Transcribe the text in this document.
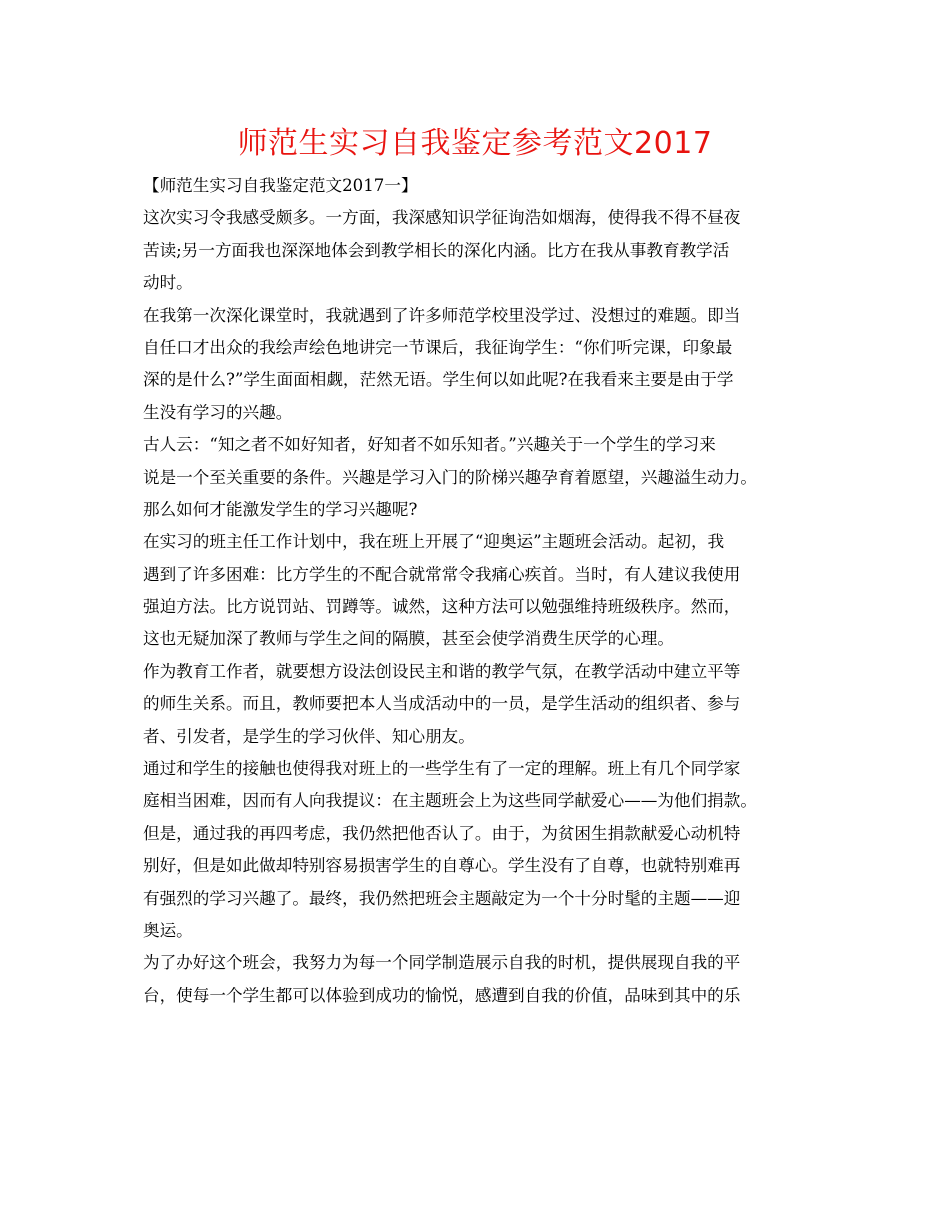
师范生实习自我鉴定参考范文2017
【师范生实习自我鉴定范文2017一】
这次实习令我感受颇多。一方面，我深感知识学征询浩如烟海，使得我不得不昼夜
苦读;另一方面我也深深地体会到教学相长的深化内涵。比方在我从事教育教学活
动时。
在我第一次深化课堂时，我就遇到了许多师范学校里没学过、没想过的难题。即当
自任口才出众的我绘声绘色地讲完一节课后，我征询学生：“你们听完课，印象最
深的是什么?”学生面面相觑，茫然无语。学生何以如此呢?在我看来主要是由于学
生没有学习的兴趣。
古人云：“知之者不如好知者，好知者不如乐知者。”兴趣关于一个学生的学习来
说是一个至关重要的条件。兴趣是学习入门的阶梯兴趣孕育着愿望，兴趣溢生动力。
那么如何才能激发学生的学习兴趣呢?
在实习的班主任工作计划中，我在班上开展了“迎奥运”主题班会活动。起初，我
遇到了许多困难：比方学生的不配合就常常令我痛心疾首。当时，有人建议我使用
强迫方法。比方说罚站、罚蹲等。诚然，这种方法可以勉强维持班级秩序。然而，
这也无疑加深了教师与学生之间的隔膜，甚至会使学消费生厌学的心理。
作为教育工作者，就要想方设法创设民主和谐的教学气氛，在教学活动中建立平等
的师生关系。而且，教师要把本人当成活动中的一员，是学生活动的组织者、参与
者、引发者，是学生的学习伙伴、知心朋友。
通过和学生的接触也使得我对班上的一些学生有了一定的理解。班上有几个同学家
庭相当困难，因而有人向我提议：在主题班会上为这些同学献爱心——为他们捐款。
但是，通过我的再四考虑，我仍然把他否认了。由于，为贫困生捐款献爱心动机特
别好，但是如此做却特别容易损害学生的自尊心。学生没有了自尊，也就特别难再
有强烈的学习兴趣了。最终，我仍然把班会主题敲定为一个十分时髦的主题——迎
奥运。
为了办好这个班会，我努力为每一个同学制造展示自我的时机，提供展现自我的平
台，使每一个学生都可以体验到成功的愉悦，感遭到自我的价值，品味到其中的乐
